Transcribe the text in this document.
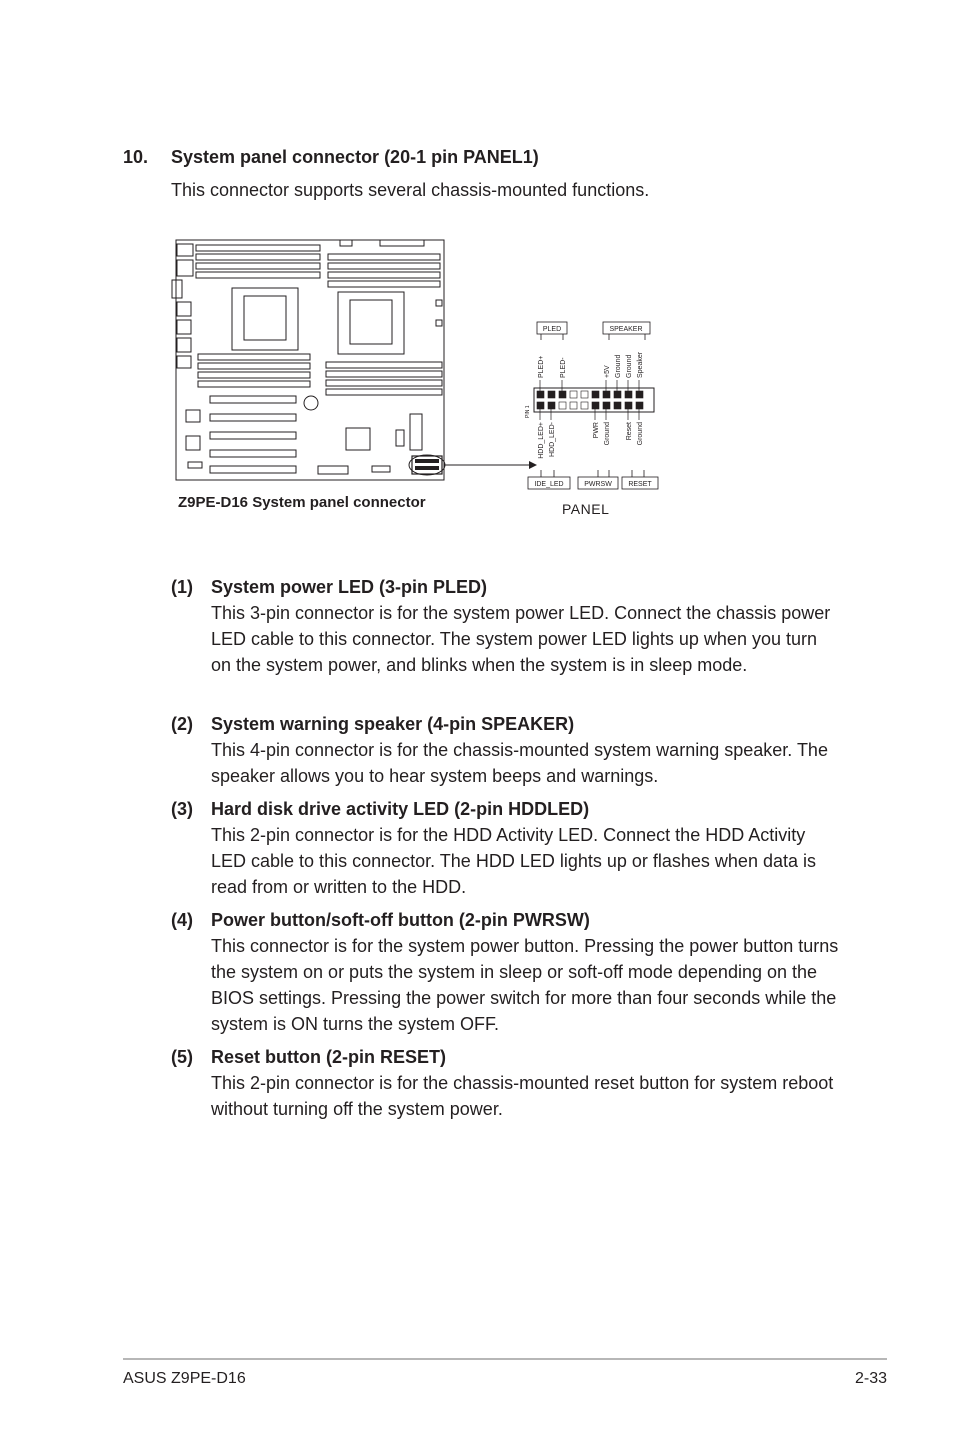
10. System panel connector (20-1 pin PANEL1)
This connector supports several chassis-mounted functions.
PLED	SPEAKER
IDE_LED	PWRSW RESET
PLED+ PLED-	+5V Ground Ground Speaker
HDD_LED+ HDD_LED-	PWR Ground Reset Ground
PIN 1
Z9PE-D16 System panel connector	PANEL
(1) System power LED (3-pin PLED)
This 3-pin connector is for the system power LED. Connect the chassis power LED cable to this connector. The system power LED lights up when you turn on the system power, and blinks when the system is in sleep mode.
(2) System warning speaker (4-pin SPEAKER)
This 4-pin connector is for the chassis-mounted system warning speaker. The speaker allows you to hear system beeps and warnings.
(3) Hard disk drive activity LED (2-pin HDDLED)
This 2-pin connector is for the HDD Activity LED. Connect the HDD Activity LED cable to this connector. The HDD LED lights up or flashes when data is read from or written to the HDD.
(4) Power button/soft-off button (2-pin PWRSW)
This connector is for the system power button. Pressing the power button turns the system on or puts the system in sleep or soft-off mode depending on the BIOS settings. Pressing the power switch for more than four seconds while the system is ON turns the system OFF.
(5) Reset button (2-pin RESET)
This 2-pin connector is for the chassis-mounted reset button for system reboot without turning off the system power.
ASUS Z9PE-D16	2-33
